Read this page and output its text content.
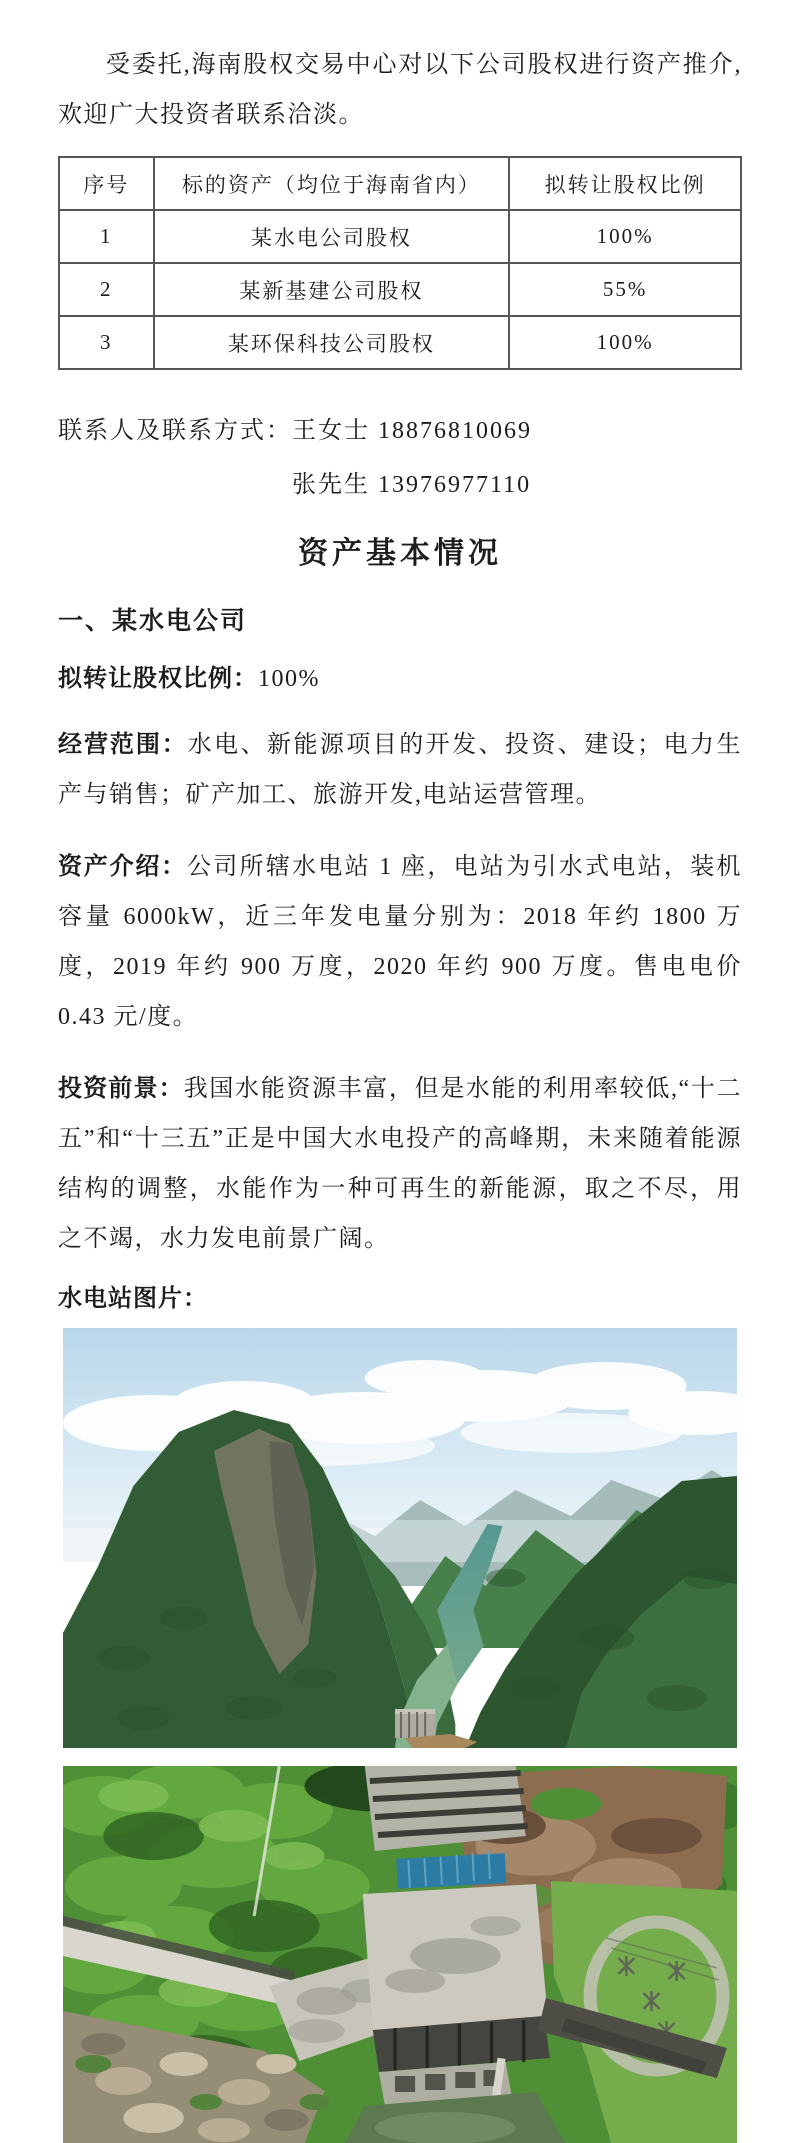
受委托,海南股权交易中心对以下公司股权进行资产推介,欢迎广大投资者联系洽淡。

序号	标的资产（均位于海南省内）	拟转让股权比例
1	某水电公司股权	100%
2	某新基建公司股权	55%
3	某环保科技公司股权	100%
联系人及联系方式： 王女士 18876810069
张先生 13976977110
资产基本情况
一、某水电公司

拟转让股权比例：100%

经营范围：水电、新能源项目的开发、投资、建设；电力生产与销售；矿产加工、旅游开发,电站运营管理。

资产介绍：公司所辖水电站 1 座，电站为引水式电站，装机容量 6000kW，近三年发电量分别为：2018 年约 1800 万度，2019 年约 900 万度，2020 年约 900 万度。售电电价 0.43 元/度。

投资前景：我国水能资源丰富，但是水能的利用率较低,“十二五”和“十三五”正是中国大水电投产的高峰期，未来随着能源结构的调整，水能作为一种可再生的新能源，取之不尽，用之不竭，水力发电前景广阔。

水电站图片：
